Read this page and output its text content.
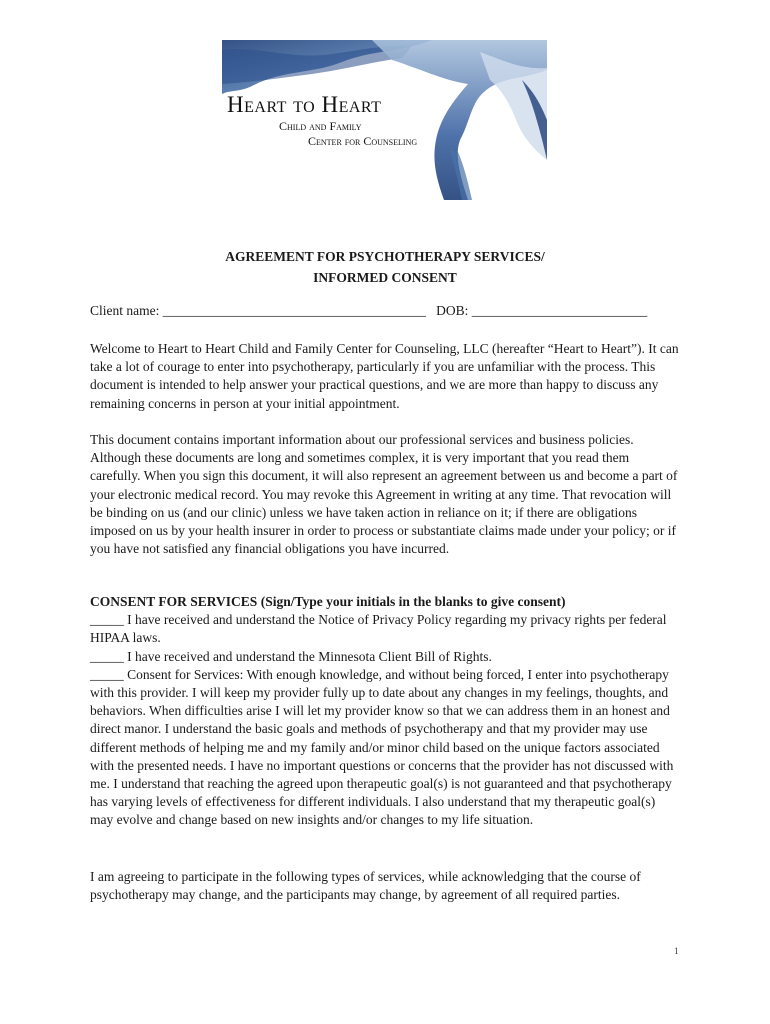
Heart to Heart
Child and Family
Center for Counseling
AGREEMENT FOR PSYCHOTHERAPY SERVICES/
INFORMED CONSENT
Client name: _______________________________________ DOB: __________________________

Welcome to Heart to Heart Child and Family Center for Counseling, LLC (hereafter “Heart to Heart”). It can take a lot of courage to enter into psychotherapy, particularly if you are unfamiliar with the process. This document is intended to help answer your practical questions, and we are more than happy to discuss any remaining concerns in person at your initial appointment.

This document contains important information about our professional services and business policies. Although these documents are long and sometimes complex, it is very important that you read them carefully. When you sign this document, it will also represent an agreement between us and become a part of your electronic medical record. You may revoke this Agreement in writing at any time. That revocation will be binding on us (and our clinic) unless we have taken action in reliance on it; if there are obligations imposed on us by your health insurer in order to process or substantiate claims made under your policy; or if you have not satisfied any financial obligations you have incurred.

CONSENT FOR SERVICES (Sign/Type your initials in the blanks to give consent)
_____ I have received and understand the Notice of Privacy Policy regarding my privacy rights per federal HIPAA laws.
_____ I have received and understand the Minnesota Client Bill of Rights.
_____ Consent for Services: With enough knowledge, and without being forced, I enter into psychotherapy with this provider. I will keep my provider fully up to date about any changes in my feelings, thoughts, and behaviors. When difficulties arise I will let my provider know so that we can address them in an honest and direct manor. I understand the basic goals and methods of psychotherapy and that my provider may use different methods of helping me and my family and/or minor child based on the unique factors associated with the presented needs. I have no important questions or concerns that the provider has not discussed with me. I understand that reaching the agreed upon therapeutic goal(s) is not guaranteed and that psychotherapy has varying levels of effectiveness for different individuals. I also understand that my therapeutic goal(s) may evolve and change based on new insights and/or changes to my life situation.

I am agreeing to participate in the following types of services, while acknowledging that the course of psychotherapy may change, and the participants may change, by agreement of all required parties.

1
